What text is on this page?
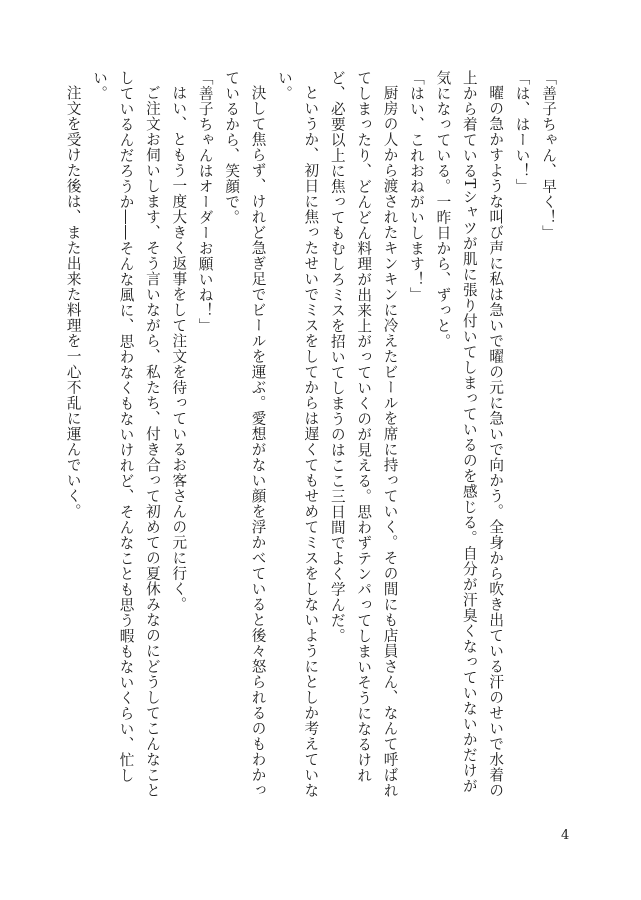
「善子ちゃん、早く！」

「は、はーい！」

曜の急かすような叫び声に私は急いで曜の元に急いで向かう。全身から吹き出ている汗のせいで水着の上から着ているTシャツが肌に張り付いてしまっているのを感じる。自分が汗臭くなっていないかだけが気になっている。一昨日から、ずっと。

「はい、これおねがいします！」

厨房の人から渡されたキンキンに冷えたビールを席に持っていく。その間にも店員さん、なんて呼ばれてしまったり、どんどん料理が出来上がっていくのが見える。思わずテンパってしまいそうになるけれど、必要以上に焦ってもむしろミスを招いてしまうのはここ三日間でよく学んだ。

というか、初日に焦ったせいでミスをしてからは遅くてもせめてミスをしないようにとしか考えていない。

決して焦らず、けれど急ぎ足でビールを運ぶ。愛想がない顔を浮かべていると後々怒られるのもわかっているから、笑顔で。

「善子ちゃんはオーダーお願いね！」

はい、ともう一度大きく返事をして注文を待っているお客さんの元に行く。

ご注文お伺いします、そう言いながら、私たち、付き合って初めての夏休みなのにどうしてこんなことしているんだろうか――そんな風に、思わなくもないけれど、そんなことも思う暇もないくらい、忙しい。

注文を受けた後は、また出来た料理を一心不乱に運んでいく。

4
